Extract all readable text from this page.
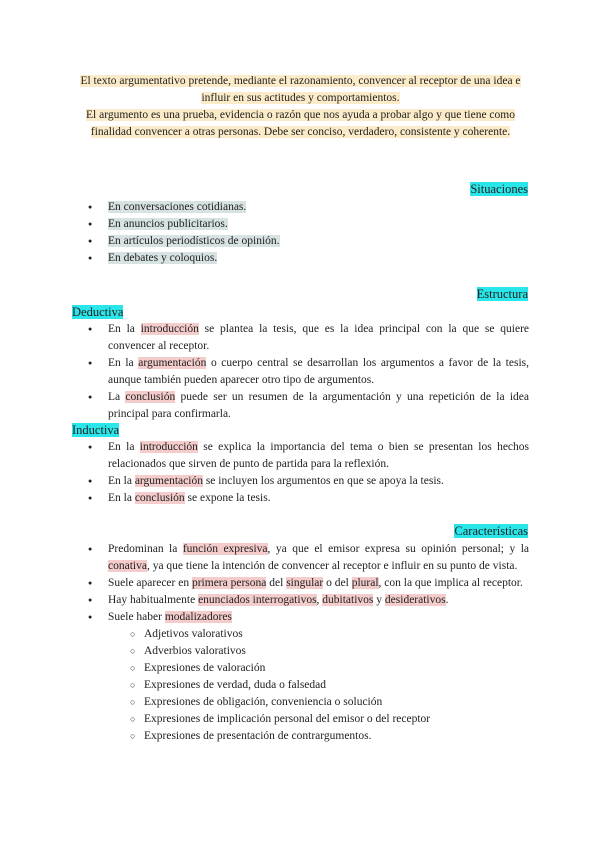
El texto argumentativo pretende, mediante el razonamiento, convencer al receptor de una idea e influir en sus actitudes y comportamientos.

El argumento es una prueba, evidencia o razón que nos ayuda a probar algo y que tiene como finalidad convencer a otras personas. Debe ser conciso, verdadero, consistente y coherente.

Situaciones
● En conversaciones cotidianas.
● En anuncios publicitarios.
● En artículos periodísticos de opinión.
● En debates y coloquios.
Estructura
Deductiva
● En la introducción se plantea la tesis, que es la idea principal con la que se quiere convencer al receptor.
● En la argumentación o cuerpo central se desarrollan los argumentos a favor de la tesis, aunque también pueden aparecer otro tipo de argumentos.
● La conclusión puede ser un resumen de la argumentación y una repetición de la idea principal para confirmarla.
Inductiva
● En la introducción se explica la importancia del tema o bien se presentan los hechos relacionados que sirven de punto de partida para la reflexión.
● En la argumentación se incluyen los argumentos en que se apoya la tesis.
● En la conclusión se expone la tesis.
Características
● Predominan la función expresiva, ya que el emisor expresa su opinión personal; y la conativa, ya que tiene la intención de convencer al receptor e influir en su punto de vista.
● Suele aparecer en primera persona del singular o del plural, con la que implica al receptor.
● Hay habitualmente enunciados interrogativos, dubitativos y desiderativos.
● Suele haber modalizadores
○ Adjetivos valorativos
○ Adverbios valorativos
○ Expresiones de valoración
○ Expresiones de verdad, duda o falsedad
○ Expresiones de obligación, conveniencia o solución
○ Expresiones de implicación personal del emisor o del receptor
○ Expresiones de presentación de contrargumentos.
